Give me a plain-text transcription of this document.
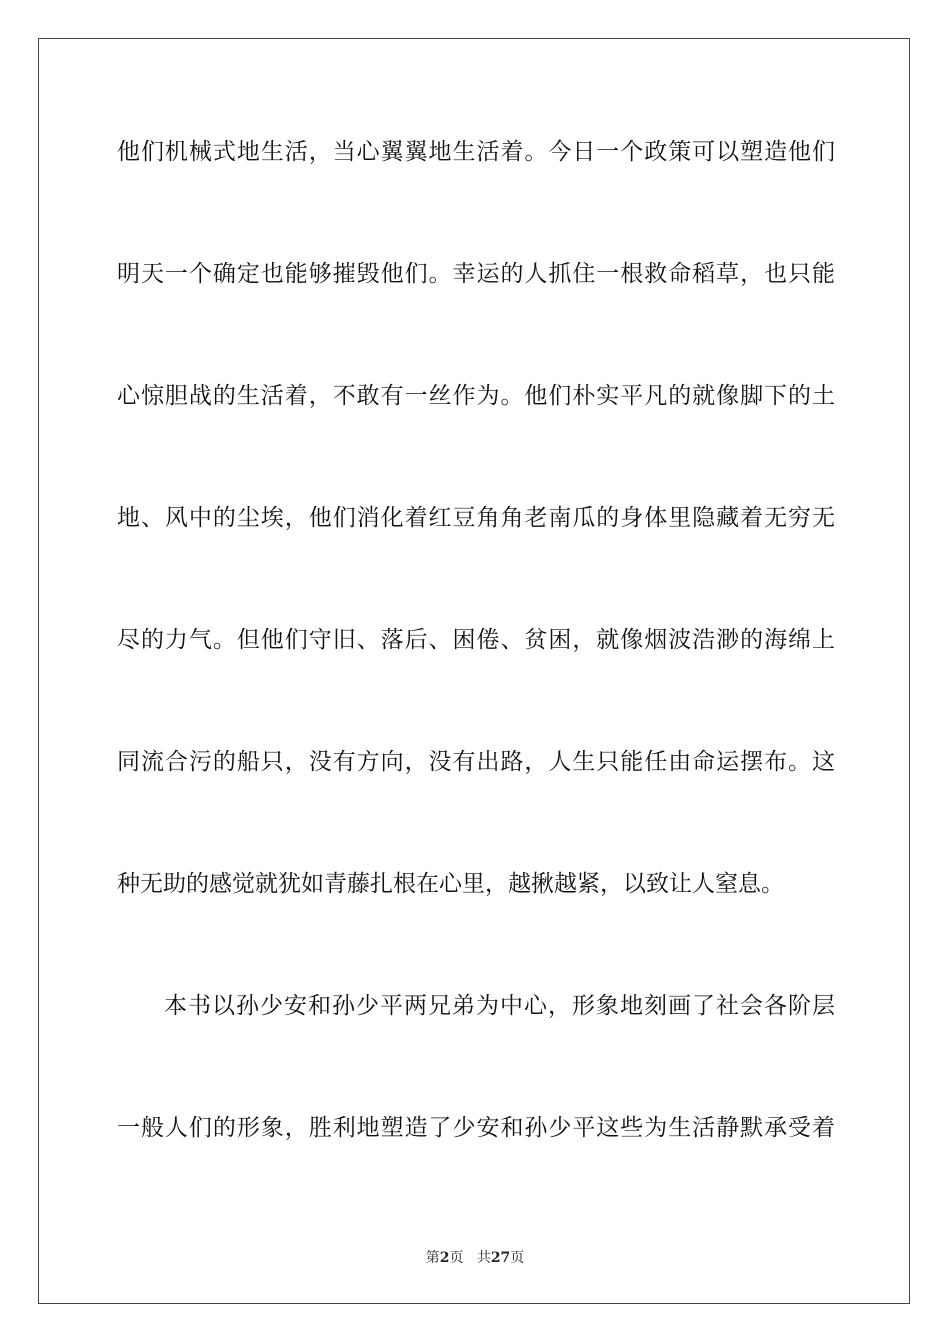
他们机械式地生活，当心翼翼地生活着。今日一个政策可以塑造他们
明天一个确定也能够摧毁他们。幸运的人抓住一根救命稻草，也只能
心惊胆战的生活着，不敢有一丝作为。他们朴实平凡的就像脚下的土
地、风中的尘埃，他们消化着红豆角角老南瓜的身体里隐藏着无穷无
尽的力气。但他们守旧、落后、困倦、贫困，就像烟波浩渺的海绵上
同流合污的船只，没有方向，没有出路，人生只能任由命运摆布。这
种无助的感觉就犹如青藤扎根在心里，越揪越紧，以致让人窒息。
本书以孙少安和孙少平两兄弟为中心，形象地刻画了社会各阶层
一般人们的形象，胜利地塑造了少安和孙少平这些为生活静默承受着
第2页 共27页
